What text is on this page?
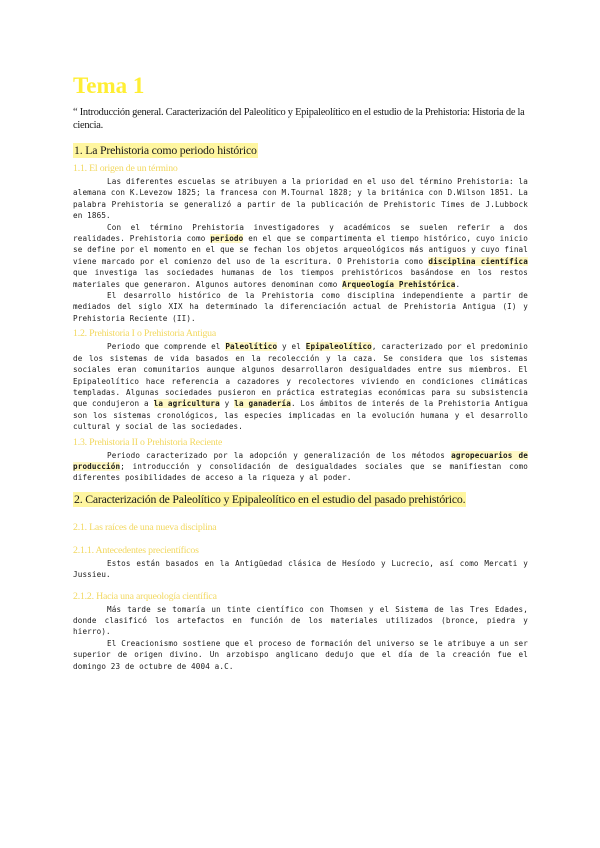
Tema 1
“ Introducción general. Caracterización del Paleolítico y Epipaleolítico en el estudio de la Prehistoria: Historia de la ciencia.
1. La Prehistoria como periodo histórico
1.1. El origen de un término

Las diferentes escuelas se atribuyen a la prioridad en el uso del término Prehistoria: la alemana con K.Levezow 1825; la francesa con M.Tournal 1828; y la británica con D.Wilson 1851. La palabra Prehistoria se generalizó a partir de la publicación de Prehistoric Times de J.Lubbock en 1865.

Con el término Prehistoria investigadores y académicos se suelen referir a dos realidades. Prehistoria como periodo en el que se compartimenta el tiempo histórico, cuyo inicio se define por el momento en el que se fechan los objetos arqueológicos más antiguos y cuyo final viene marcado por el comienzo del uso de la escritura. O Prehistoria como disciplina científica que investiga las sociedades humanas de los tiempos prehistóricos basándose en los restos materiales que generaron. Algunos autores denominan como Arqueología Prehistórica.

El desarrollo histórico de la Prehistoria como disciplina independiente a partir de mediados del siglo XIX ha determinado la diferenciación actual de Prehistoria Antigua (I) y Prehistoria Reciente (II).

1.2. Prehistoria I o Prehistoria Antigua

Periodo que comprende el Paleolítico y el Epipaleolítico, caracterizado por el predominio de los sistemas de vida basados en la recolección y la caza. Se considera que los sistemas sociales eran comunitarios aunque algunos desarrollaron desigualdades entre sus miembros. El Epipaleolítico hace referencia a cazadores y recolectores viviendo en condiciones climáticas templadas. Algunas sociedades pusieron en práctica estrategias económicas para su subsistencia que condujeron a la agricultura y la ganadería. Los ámbitos de interés de la Prehistoria Antigua son los sistemas cronológicos, las especies implicadas en la evolución humana y el desarrollo cultural y social de las sociedades.

1.3. Prehistoria II o Prehistoria Reciente

Periodo caracterizado por la adopción y generalización de los métodos agropecuarios de producción; introducción y consolidación de desigualdades sociales que se manifiestan como diferentes posibilidades de acceso a la riqueza y al poder.

2. Caracterización de Paleolítico y Epipaleolítico en el estudio del pasado prehistórico.
2.1. Las raíces de una nueva disciplina
2.1.1. Antecedentes precientíficos

Estos están basados en la Antigüedad clásica de Hesíodo y Lucrecio, así como Mercati y Jussieu.

2.1.2. Hacia una arqueología científica

Más tarde se tomaría un tinte científico con Thomsen y el Sistema de las Tres Edades, donde clasificó los artefactos en función de los materiales utilizados (bronce, piedra y hierro).

El Creacionismo sostiene que el proceso de formación del universo se le atribuye a un ser superior de origen divino. Un arzobispo anglicano dedujo que el día de la creación fue el domingo 23 de octubre de 4004 a.C.
